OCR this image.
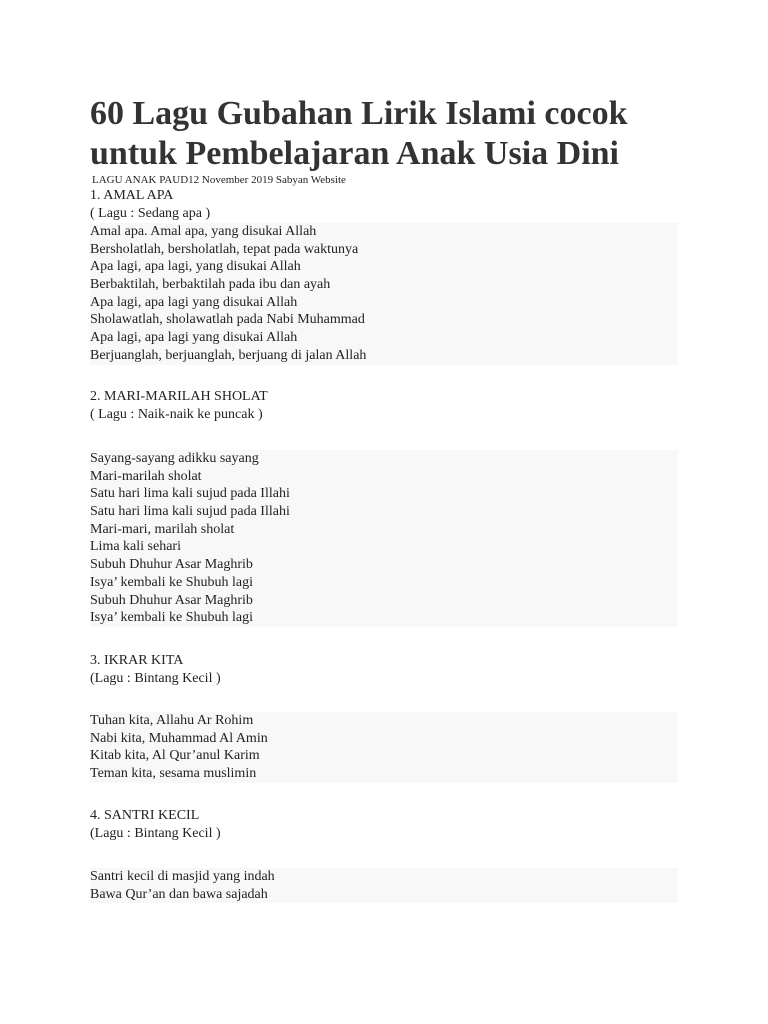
60 Lagu Gubahan Lirik Islami cocok untuk Pembelajaran Anak Usia Dini
LAGU ANAK PAUD12 November 2019 Sabyan Website
1. AMAL APA
( Lagu : Sedang apa )
Amal apa. Amal apa, yang disukai Allah
Bersholatlah, bersholatlah, tepat pada waktunya
Apa lagi, apa lagi, yang disukai Allah
Berbaktilah, berbaktilah pada ibu dan ayah
Apa lagi, apa lagi yang disukai Allah
Sholawatlah, sholawatlah pada Nabi Muhammad
Apa lagi, apa lagi yang disukai Allah
Berjuanglah, berjuanglah, berjuang di jalan Allah
2. MARI-MARILAH SHOLAT
( Lagu : Naik-naik ke puncak )
Sayang-sayang adikku sayang
Mari-marilah sholat
Satu hari lima kali sujud pada Illahi
Satu hari lima kali sujud pada Illahi
Mari-mari, marilah sholat
Lima kali sehari
Subuh Dhuhur Asar Maghrib
Isya’ kembali ke Shubuh lagi
Subuh Dhuhur Asar Maghrib
Isya’ kembali ke Shubuh lagi
3. IKRAR KITA
(Lagu : Bintang Kecil )
Tuhan kita, Allahu Ar Rohim
Nabi kita, Muhammad Al Amin
Kitab kita, Al Qur’anul Karim
Teman kita, sesama muslimin
4. SANTRI KECIL
(Lagu : Bintang Kecil )
Santri kecil di masjid yang indah
Bawa Qur’an dan bawa sajadah
